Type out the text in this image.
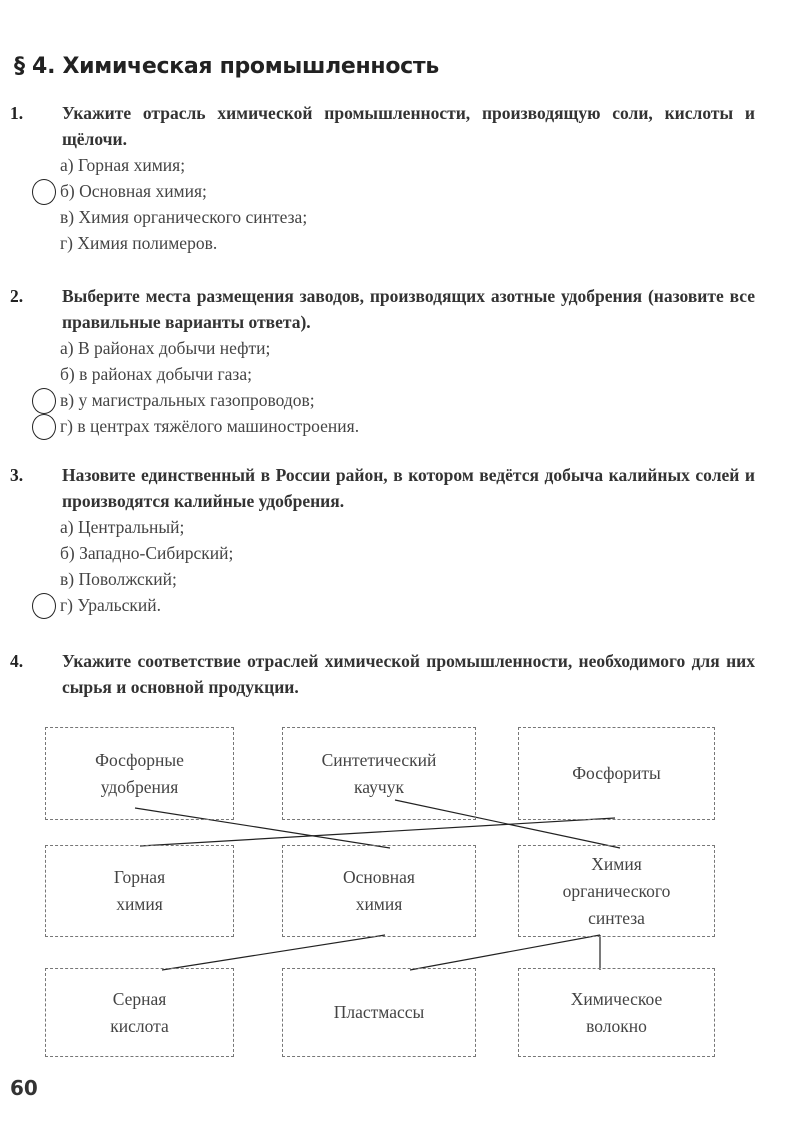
§ 4. Химическая промышленность
1. Укажите отрасль химической промышленности, производящую соли, кислоты и щёлочи.
а) Горная химия;
б) Основная химия;
в) Химия органического синтеза;
г) Химия полимеров.
2. Выберите места размещения заводов, производящих азотные удобрения (назовите все правильные варианты ответа).
а) В районах добычи нефти;
б) в районах добычи газа;
в) у магистральных газопроводов;
г) в центрах тяжёлого машиностроения.
3. Назовите единственный в России район, в котором ведётся добыча калийных солей и производятся калийные удобрения.
а) Центральный;
б) Западно-Сибирский;
в) Поволжский;
г) Уральский.
4. Укажите соответствие отраслей химической промышленности, необходимого для них сырья и основной продукции.
Фосфорные
удобрения
Синтетический
каучук
Фосфориты
Горная
химия
Основная
химия
Химия
органического
синтеза
Серная
кислота
Пластмассы
Химическое
волокно
60
